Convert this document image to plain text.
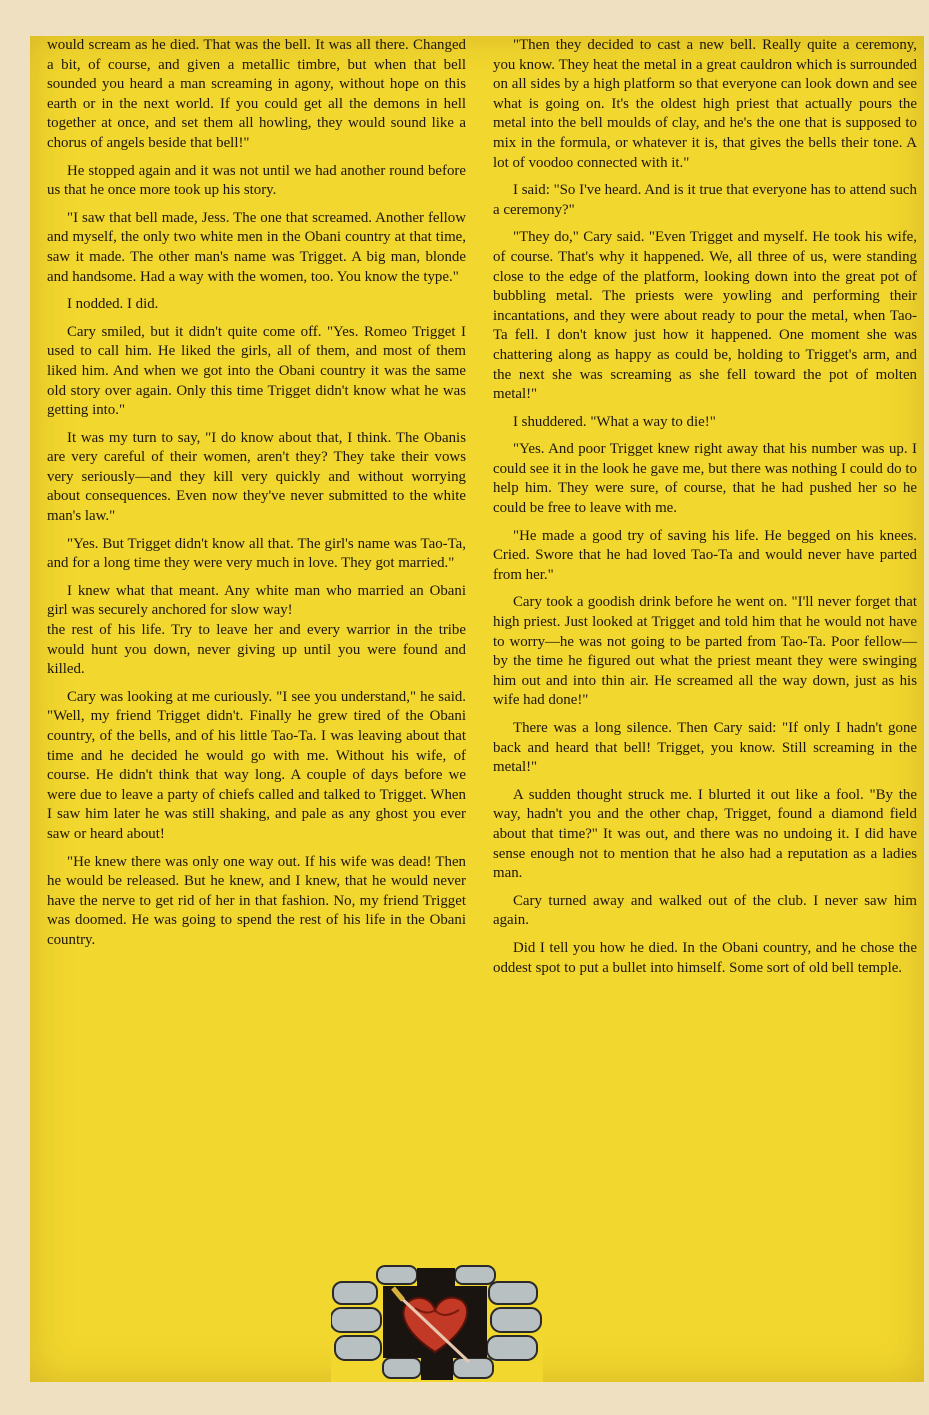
would scream as he died. That was the bell. It was all there. Changed a bit, of course, and given a metallic timbre, but when that bell sounded you heard a man screaming in agony, without hope on this earth or in the next world. If you could get all the demons in hell together at once, and set them all howling, they would sound like a chorus of angels beside that bell!"

He stopped again and it was not until we had another round before us that he once more took up his story.

"I saw that bell made, Jess. The one that screamed. Another fellow and myself, the only two white men in the Obani country at that time, saw it made. The other man's name was Trigget. A big man, blonde and handsome. Had a way with the women, too. You know the type."

I nodded. I did.

Cary smiled, but it didn't quite come off. "Yes. Romeo Trigget I used to call him. He liked the girls, all of them, and most of them liked him. And when we got into the Obani country it was the same old story over again. Only this time Trigget didn't know what he was getting into."

It was my turn to say, "I do know about that, I think. The Obanis are very careful of their women, aren't they? They take their vows very seriously—and they kill very quickly and without worrying about consequences. Even now they've never submitted to the white man's law."

"Yes. But Trigget didn't know all that. The girl's name was Tao-Ta, and for a long time they were very much in love. They got married."

I knew what that meant. Any white man who married an Obani girl was securely anchored for slow way!

the rest of his life. Try to leave her and every warrior in the tribe would hunt you down, never giving up until you were found and killed.

Cary was looking at me curiously. "I see you understand," he said. "Well, my friend Trigget didn't. Finally he grew tired of the Obani country, of the bells, and of his little Tao-Ta. I was leaving about that time and he decided he would go with me. Without his wife, of course. He didn't think that way long. A couple of days before we were due to leave a party of chiefs called and talked to Trigget. When I saw him later he was still shaking, and pale as any ghost you ever saw or heard about!

"He knew there was only one way out. If his wife was dead! Then he would be released. But he knew, and I knew, that he would never have the nerve to get rid of her in that fashion. No, my friend Trigget was doomed. He was going to spend the rest of his life in the Obani country.

"Then they decided to cast a new bell. Really quite a ceremony, you know. They heat the metal in a great cauldron which is surrounded on all sides by a high platform so that everyone can look down and see what is going on. It's the oldest high priest that actually pours the metal into the bell moulds of clay, and he's the one that is supposed to mix in the formula, or whatever it is, that gives the bells their tone. A lot of voodoo connected with it."

I said: "So I've heard. And is it true that everyone has to attend such a ceremony?"

"They do," Cary said. "Even Trigget and myself. He took his wife, of course. That's why it happened. We, all three of us, were standing close to the edge of the platform, looking down into the great pot of bubbling metal. The priests were yowling and performing their incantations, and they were about ready to pour the metal, when Tao-Ta fell. I don't know just how it happened. One moment she was chattering along as happy as could be, holding to Trigget's arm, and the next she was screaming as she fell toward the pot of molten metal!"

I shuddered. "What a way to die!"

"Yes. And poor Trigget knew right away that his number was up. I could see it in the look he gave me, but there was nothing I could do to help him. They were sure, of course, that he had pushed her so he could be free to leave with me.

"He made a good try of saving his life. He begged on his knees. Cried. Swore that he had loved Tao-Ta and would never have parted from her."

Cary took a goodish drink before he went on. "I'll never forget that high priest. Just looked at Trigget and told him that he would not have to worry—he was not going to be parted from Tao-Ta. Poor fellow—by the time he figured out what the priest meant they were swinging him out and into thin air. He screamed all the way down, just as his wife had done!"

There was a long silence. Then Cary said: "If only I hadn't gone back and heard that bell! Trigget, you know. Still screaming in the metal!"

A sudden thought struck me. I blurted it out like a fool. "By the way, hadn't you and the other chap, Trigget, found a diamond field about that time?" It was out, and there was no undoing it. I did have sense enough not to mention that he also had a reputation as a ladies man.

Cary turned away and walked out of the club. I never saw him again.

Did I tell you how he died. In the Obani country, and he chose the oddest spot to put a bullet into himself. Some sort of old bell temple.
